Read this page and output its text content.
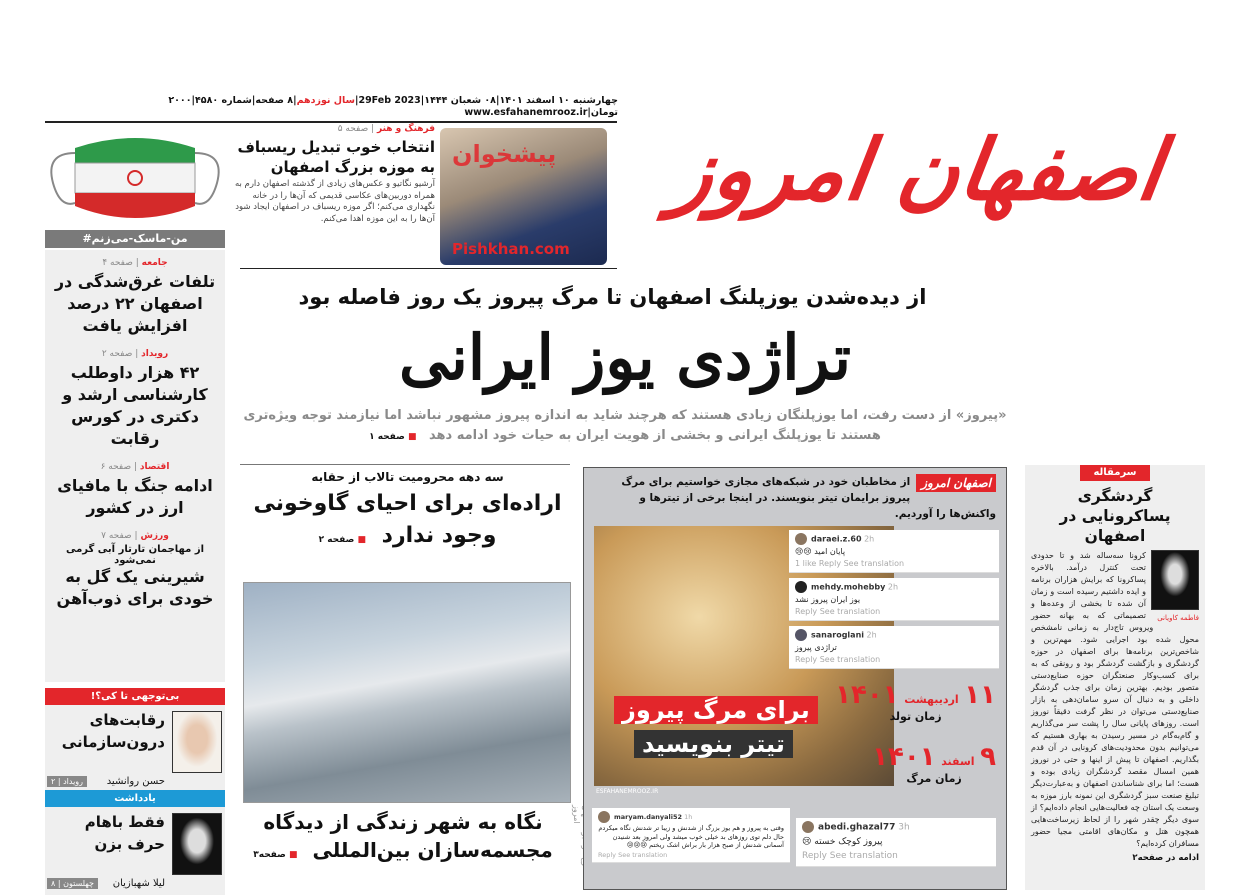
اصفهان امروز
چهارشنبه ۱۰ اسفند ۱۴۰۱|۰۸ شعبان ۱۴۴۴|29Feb 2023|سال نوزدهم|۸ صفحه|شماره ۴۵۸۰|۲۰۰۰ تومان|www.esfahanemrooz.ir
#من-ماسک-می‌زنم
فرهنگ و هنر | صفحه ۵
انتخاب خوب تبدیل ریسباف به موزه بزرگ اصفهان

آرشیو نگاتیو و عکس‌های زیادی از گذشته اصفهان دارم به همراه دوربین‌های عکاسی قدیمی که آن‌ها را در خانه نگهداری می‌کنم؛ اگر موزه ریسباف در اصفهان ایجاد شود آن‌ها را به این موزه اهدا می‌کنم.

پیشخوان
Pishkhan.com
جامعه | صفحه ۴
تلفات غرق‌شدگی در اصفهان ۲۲ درصد افزایش یافت
رویداد | صفحه ۲
۴۲ هزار داوطلب کارشناسی ارشد و دکتری در کورس رقابت
اقتصاد | صفحه ۶
ادامه جنگ با مافیای ارز در کشور
ورزش | صفحه ۷
از مهاجمان تارتار آبی گرمی نمی‌شود
شیرینی یک گل به خودی برای ذوب‌آهن
بی‌توجهی تا کی؟!
رقابت‌های درون‌سازمانی
حسن روانشید
رویداد | ۲
یادداشت
فقط باهام حرف بزن
لیلا شهبازیان
چهلستون | ۸
از دیده‌شدن یوزپلنگ اصفهان تا مرگ پیروز یک روز فاصله بود
تراژدی یوز ایرانی
«پیروز» از دست رفت، اما یوزپلنگان زیادی هستند که هرچند شاید به اندازه پیروز مشهور نباشد اما نیازمند توجه ویژه‌تری هستند تا یوزپلنگ ایرانی و بخشی از هویت ایران به حیات خود ادامه دهد ■ صفحه ۱
سه دهه محرومیت تالاب از حقابه
اراده‌ای برای احیای گاوخونی وجود ندارد ■ صفحه ۲
امروز
نگاه به شهر زندگی از دیدگاه مجسمه‌سازان بین‌المللی ■ صفحه۳
اصفهان امروز
از مخاطبان خود در شبکه‌های مجازی خواستیم برای مرگ پیروز برایمان تیتر بنویسند. در اینجا برخی از تیترها و واکنش‌ها را آوردیم.
daraei.z.60 2h
پایان امید 😢😢
1 like Reply See translation
mehdy.mohebby 2h
یوز ایران پیروز نشد
Reply See translation
sanaroglani 2h
تراژدی پیروز
Reply See translation
برای مرگ پیروز
تیتر بنویسید
ESFAHANEMROOZ.IR
۱۱ اردیبهشت ۱۴۰۱
زمان تولد
۹ اسفند ۱۴۰۱
زمان مرگ
maryam.danyali52 1h
وقتی به پیروز و هم یوز بزرگ از شدنش و زیبا تر شدنش نگاه میکردم حال دلم توی روزهای بد خیلی خوب میشد ولی امروز بعد شنیدن آسمانی شدنش از صبح هزار بار براش اشک ریختم 😢😢😢
Reply See translation
abedi.ghazal77 3h
پیروز کوچک خسته 😢
Reply See translation
سرمقاله
گردشگری پساکرونایی در اصفهان

فاطمه کاویانی
کرونا سه‌ساله شد و تا حدودی تحت کنترل درآمد. بالاخره پساکرونا که برایش هزاران برنامه و ایده داشتیم رسیده است و زمان آن شده تا بخشی از وعده‌ها و تصمیماتی که به بهانه حضور ویروس تاج‌دار به زمانی نامشخص محول شده بود اجرایی شود. مهم‌ترین و شاخص‌ترین برنامه‌ها برای اصفهان در حوزه گردشگری و بازگشت گردشگر بود و رونقی که به برای کسب‌وکار صنعتگران حوزه صنایع‌دستی متصور بودیم. بهترین زمان برای جذب گردشگر داخلی و به دنبال آن سرو سامان‌دهی به بازار صنایع‌دستی می‌توان در نظر گرفت دقیقاً نوروز است. روزهای پایانی سال را پشت سر می‌گذاریم و گام‌به‌گام در مسیر رسیدن به بهاری هستیم که می‌توانیم بدون محدودیت‌های کرونایی در آن قدم بگذاریم. اصفهان تا پیش از اینها و حتی در نوروز همین امسال مقصد گردشگران زیادی بوده و هست؛ اما برای شناساندن اصفهان و به‌عبارت‌دیگر تبلیغ صنعت سبز گردشگری این نمونه بارز موزه به وسعت یک استان چه فعالیت‌هایی انجام داده‌ایم؟ از سوی دیگر چقدر شهر را از لحاظ زیرساخت‌هایی همچون هتل و مکان‌های اقامتی مجیا حضور مسافران کرده‌ایم؟

ادامه در صفحه۲
